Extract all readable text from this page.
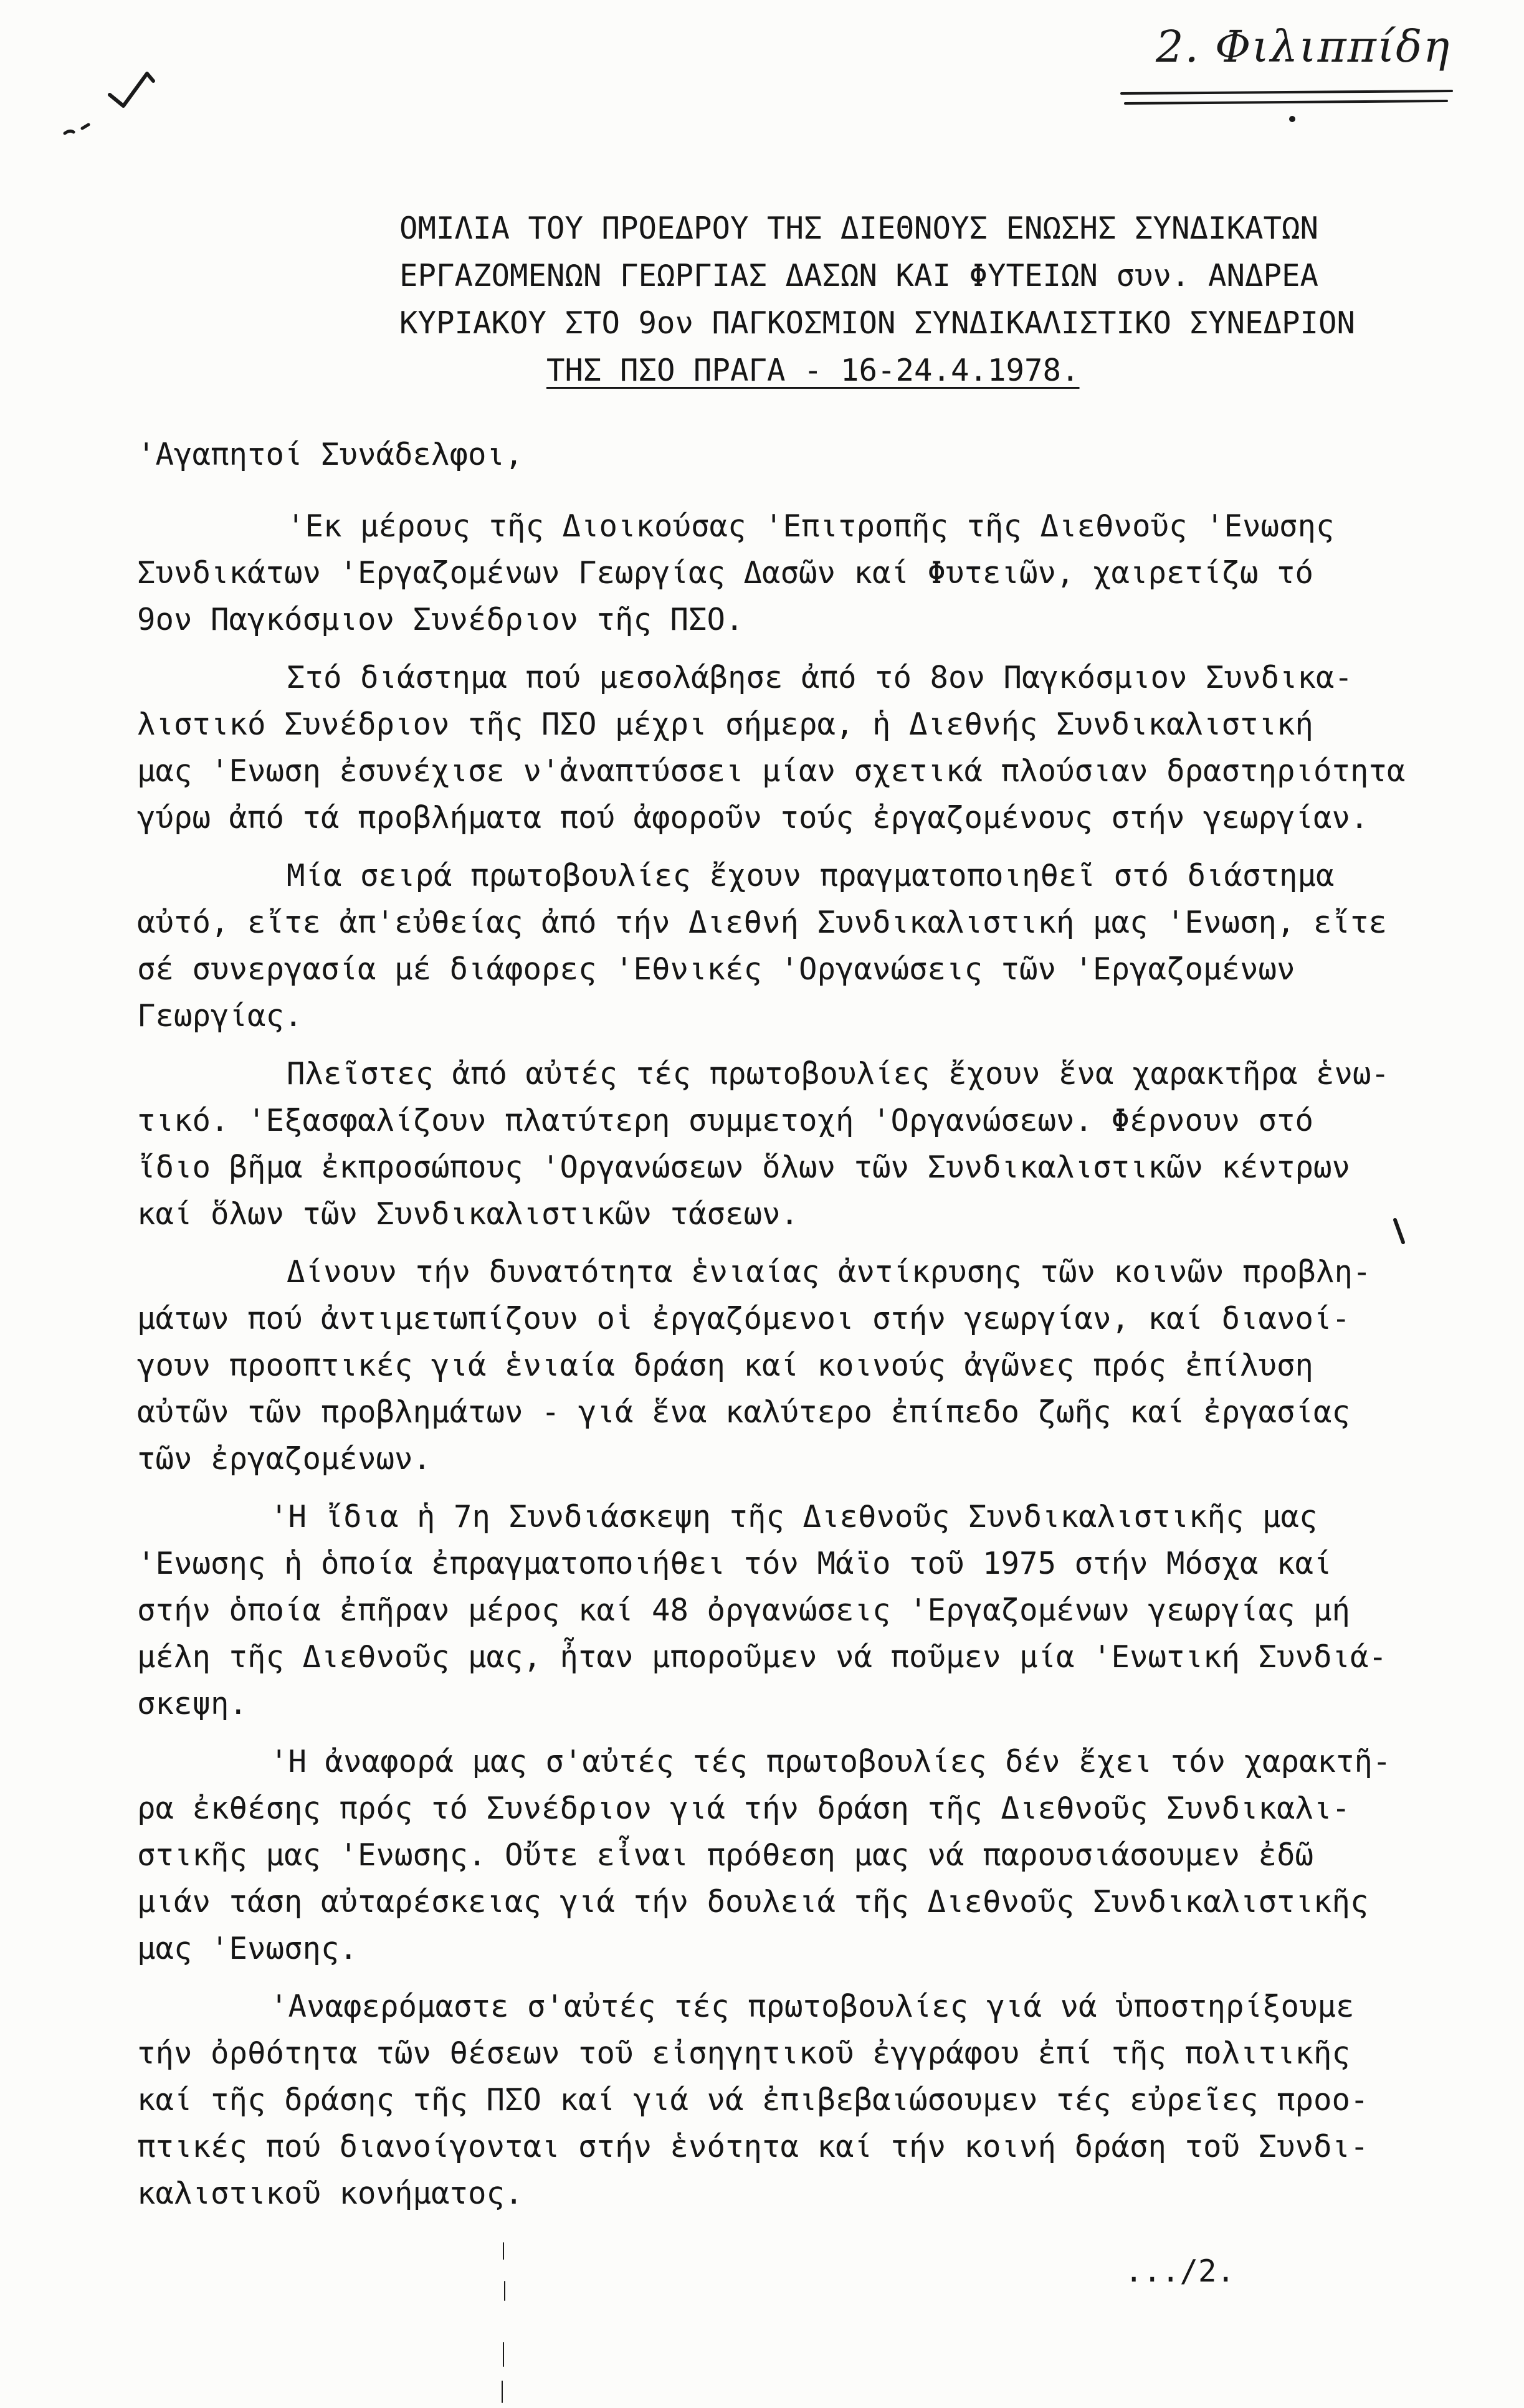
2. Φιλιππίδη
ΟΜΙΛΙΑ ΤΟΥ ΠΡΟΕΔΡΟΥ ΤΗΣ ΔΙΕΘΝΟΥΣ ΕΝΩΣΗΣ ΣΥΝΔΙΚΑΤΩΝ
ΕΡΓΑΖΟΜΕΝΩΝ ΓΕΩΡΓΙΑΣ ΔΑΣΩΝ ΚΑΙ ΦΥΤΕΙΩΝ συν. ΑΝΔΡΕΑ
ΚΥΡΙΑΚΟΥ ΣΤΟ 9ον ΠΑΓΚΟΣΜΙΟΝ ΣΥΝΔΙΚΑΛΙΣΤΙΚΟ ΣΥΝΕΔΡΙΟΝ
ΤΗΣ ΠΣΟ ΠΡΑΓΑ - 16-24.4.1978.
'Αγαπητοί Συνάδελφοι,
'Εκ μέρους τῆς Διοικούσας 'Επιτροπῆς τῆς Διεθνοῦς 'Ενωσης
Συνδικάτων 'Εργαζομένων Γεωργίας Δασῶν καί Φυτειῶν, χαιρετίζω τό
9ον Παγκόσμιον Συνέδριον τῆς ΠΣΟ.
Στό διάστημα πού μεσολάβησε ἀπό τό 8ον Παγκόσμιον Συνδικα-
λιστικό Συνέδριον τῆς ΠΣΟ μέχρι σήμερα, ἡ Διεθνής Συνδικαλιστική
μας 'Ενωση ἐσυνέχισε ν'ἀναπτύσσει μίαν σχετικά πλούσιαν δραστηριότητα
γύρω ἀπό τά προβλήματα πού ἀφοροῦν τούς ἐργαζομένους στήν γεωργίαν.
Μία σειρά πρωτοβουλίες ἔχουν πραγματοποιηθεῖ στό διάστημα
αὐτό, εἴτε ἀπ'εὐθείας ἀπό τήν Διεθνή Συνδικαλιστική μας 'Ενωση, εἴτε
σέ συνεργασία μέ διάφορες 'Εθνικές 'Οργανώσεις τῶν 'Εργαζομένων
Γεωργίας.
Πλεῖστες ἀπό αὐτές τές πρωτοβουλίες ἔχουν ἕνα χαρακτῆρα ἑνω-
τικό. 'Εξασφαλίζουν πλατύτερη συμμετοχή 'Οργανώσεων. Φέρνουν στό
ἴδιο βῆμα ἐκπροσώπους 'Οργανώσεων ὅλων τῶν Συνδικαλιστικῶν κέντρων
καί ὅλων τῶν Συνδικαλιστικῶν τάσεων.
Δίνουν τήν δυνατότητα ἑνιαίας ἀντίκρυσης τῶν κοινῶν προβλη-
μάτων πού ἀντιμετωπίζουν οἱ ἐργαζόμενοι στήν γεωργίαν, καί διανοί-
γουν προοπτικές γιά ἑνιαία δράση καί κοινούς ἀγῶνες πρός ἐπίλυση
αὐτῶν τῶν προβλημάτων - γιά ἕνα καλύτερο ἐπίπεδο ζωῆς καί ἐργασίας
τῶν ἐργαζομένων.
'Η ἴδια ἡ 7η Συνδιάσκεψη τῆς Διεθνοῦς Συνδικαλιστικῆς μας
'Ενωσης ἡ ὁποία ἐπραγματοποιήθει τόν Μάϊο τοῦ 1975 στήν Μόσχα καί
στήν ὁποία ἐπῆραν μέρος καί 48 ὀργανώσεις 'Εργαζομένων γεωργίας μή
μέλη τῆς Διεθνοῦς μας, ἦταν μποροῦμεν νά ποῦμεν μία 'Ενωτική Συνδιά-
σκεψη.
'Η ἀναφορά μας σ'αὐτές τές πρωτοβουλίες δέν ἔχει τόν χαρακτῆ-
ρα ἐκθέσης πρός τό Συνέδριον γιά τήν δράση τῆς Διεθνοῦς Συνδικαλι-
στικῆς μας 'Ενωσης. Οὔτε εἶναι πρόθεση μας νά παρουσιάσουμεν ἐδῶ
μιάν τάση αὐταρέσκειας γιά τήν δουλειά τῆς Διεθνοῦς Συνδικαλιστικῆς
μας 'Ενωσης.
'Αναφερόμαστε σ'αὐτές τές πρωτοβουλίες γιά νά ὑποστηρίξουμε
τήν ὀρθότητα τῶν θέσεων τοῦ εἰσηγητικοῦ ἐγγράφου ἐπί τῆς πολιτικῆς
καί τῆς δράσης τῆς ΠΣΟ καί γιά νά ἐπιβεβαιώσουμεν τές εὐρεῖες προο-
πτικές πού διανοίγονται στήν ἑνότητα καί τήν κοινή δράση τοῦ Συνδι-
καλιστικοῦ κονήματος.
.../2.
